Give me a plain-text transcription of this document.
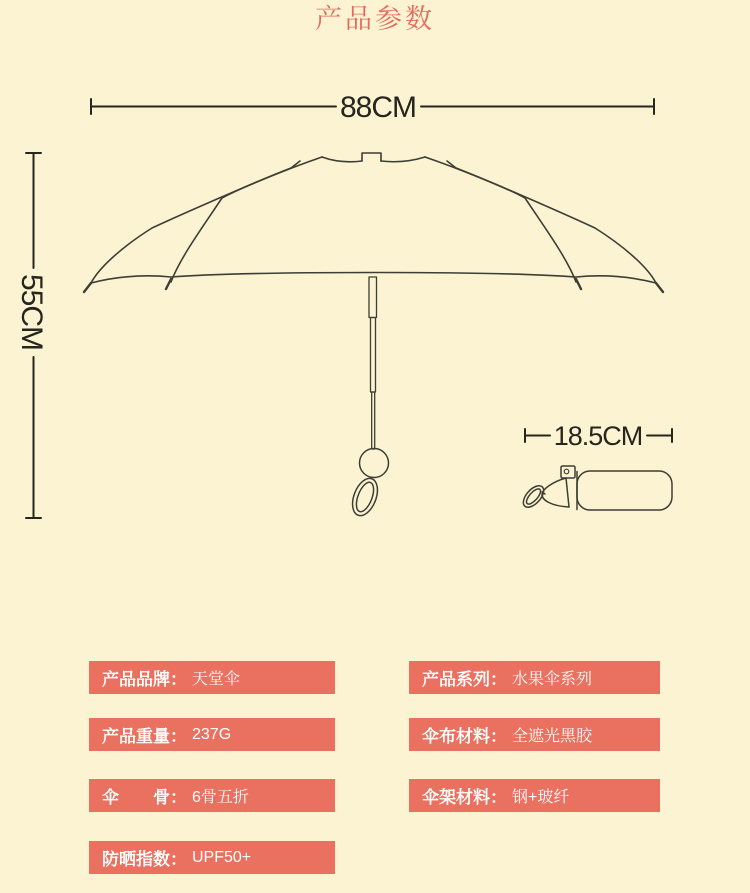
产品参数
88CM
55CM
18.5CM
产品品牌： 天堂伞
产品重量： 237G
伞　　骨： 6骨五折
防晒指数： UPF50+
产品系列： 水果伞系列
伞布材料： 全遮光黑胶
伞架材料： 钢+玻纤
